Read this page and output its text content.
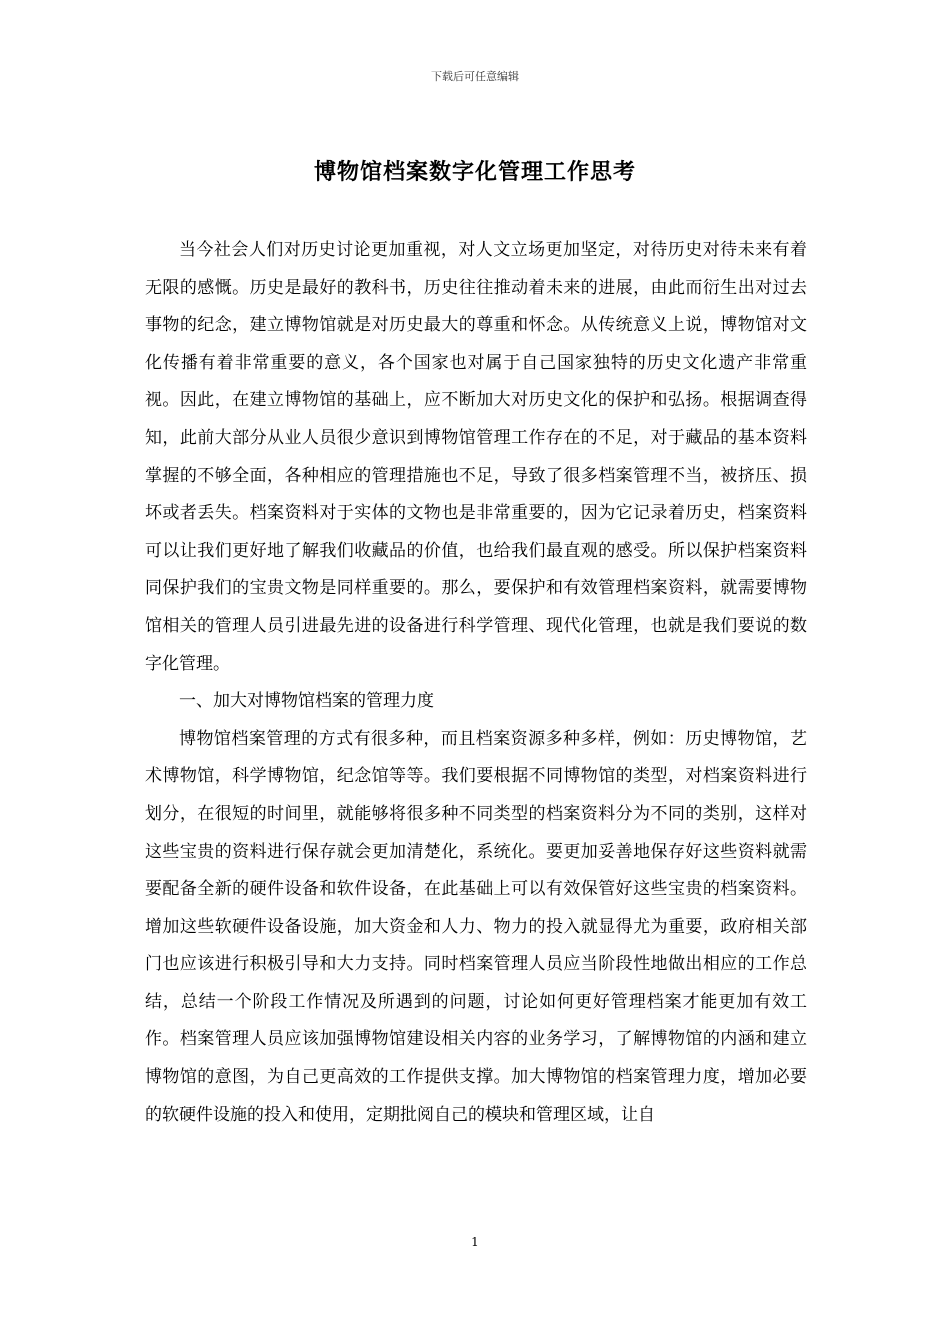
下载后可任意编辑
博物馆档案数字化管理工作思考

当今社会人们对历史讨论更加重视，对人文立场更加坚定，对待历史对待未来有着无限的感慨。历史是最好的教科书，历史往往推动着未来的进展，由此而衍生出对过去事物的纪念，建立博物馆就是对历史最大的尊重和怀念。从传统意义上说，博物馆对文化传播有着非常重要的意义，各个国家也对属于自己国家独特的历史文化遗产非常重视。因此，在建立博物馆的基础上，应不断加大对历史文化的保护和弘扬。根据调查得知，此前大部分从业人员很少意识到博物馆管理工作存在的不足，对于藏品的基本资料掌握的不够全面，各种相应的管理措施也不足，导致了很多档案管理不当，被挤压、损坏或者丢失。档案资料对于实体的文物也是非常重要的，因为它记录着历史，档案资料可以让我们更好地了解我们收藏品的价值，也给我们最直观的感受。所以保护档案资料同保护我们的宝贵文物是同样重要的。那么，要保护和有效管理档案资料，就需要博物馆相关的管理人员引进最先进的设备进行科学管理、现代化管理，也就是我们要说的数字化管理。

一、加大对博物馆档案的管理力度

博物馆档案管理的方式有很多种，而且档案资源多种多样，例如：历史博物馆，艺术博物馆，科学博物馆，纪念馆等等。我们要根据不同博物馆的类型，对档案资料进行划分，在很短的时间里，就能够将很多种不同类型的档案资料分为不同的类别，这样对这些宝贵的资料进行保存就会更加清楚化，系统化。要更加妥善地保存好这些资料就需要配备全新的硬件设备和软件设备，在此基础上可以有效保管好这些宝贵的档案资料。增加这些软硬件设备设施，加大资金和人力、物力的投入就显得尤为重要，政府相关部门也应该进行积极引导和大力支持。同时档案管理人员应当阶段性地做出相应的工作总结，总结一个阶段工作情况及所遇到的问题，讨论如何更好管理档案才能更加有效工作。档案管理人员应该加强博物馆建设相关内容的业务学习，了解博物馆的内涵和建立博物馆的意图，为自己更高效的工作提供支撑。加大博物馆的档案管理力度，增加必要的软硬件设施的投入和使用，定期批阅自己的模块和管理区域，让自

1
